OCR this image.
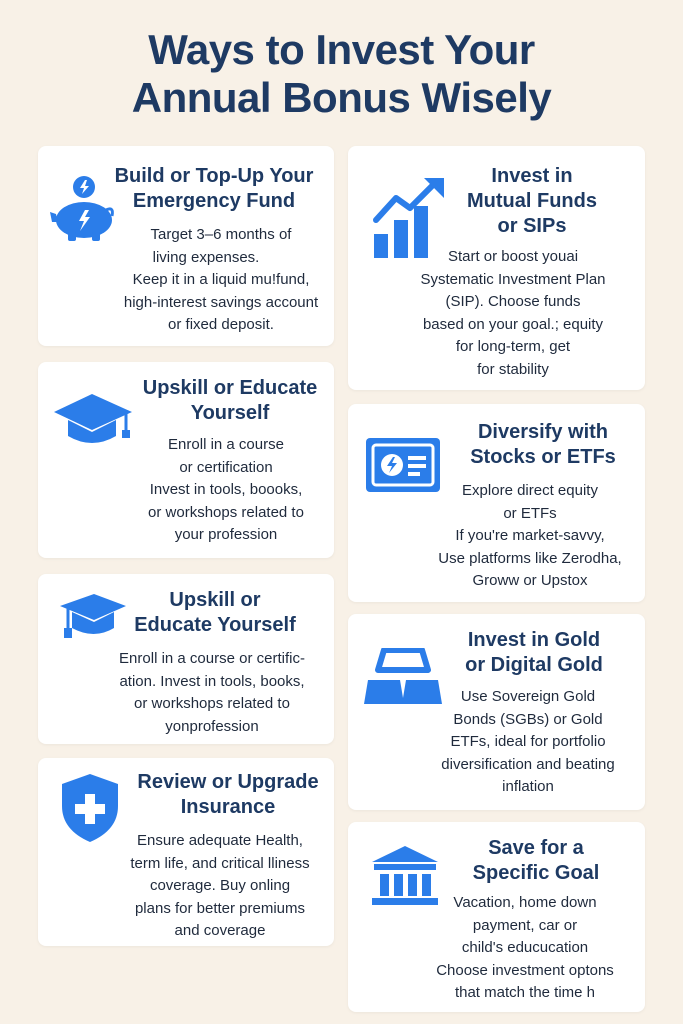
Ways to Invest Your
Annual Bonus Wisely
Build or Top-Up Your
Emergency Fund
Target 3–6 months of
living expenses.
Keep it in a liquid mu!fund,
high-interest savings account
or fixed deposit.
Invest in
Mutual Funds
or SIPs
Start or boost youai
Systematic Investment Plan
(SIP). Choose funds
based on your goal.; equity
for long-term, get
for stability
Upskill or Educate
Yourself
Enroll in a course
or certification
Invest in tools, boooks,
or workshops related to
your profession
Diversify with
Stocks or ETFs
Explore direct equity
or ETFs
If you're market-savvy,
Use platforms like Zerodha,
Groww or Upstox
Upskill or
Educate Yourself
Enroll in a course or certific-
ation. Invest in tools, books,
or workshops related to
yonprofession
Invest in Gold
or Digital Gold
Use Sovereign Gold
Bonds (SGBs) or Gold
ETFs, ideal for portfolio
diversification and beating
inflation
Review or Upgrade
Insurance
Ensure adequate Health,
term life, and critical lliness
coverage. Buy onling
plans for better premiums
and coverage
Save for a
Specific Goal
Vacation, home down
payment, car or
child's educucation
Choose investment optons
that match the time h
